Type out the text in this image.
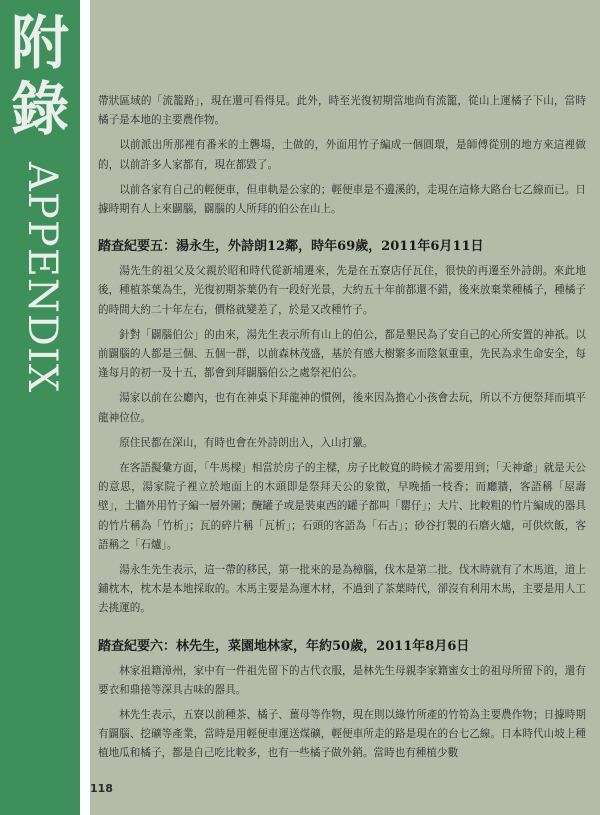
附
錄
APPENDIX

帶狀區域的「流籠路」，現在還可看得見。此外，時至光復初期當地尚有流籠，從山上運橘子下山，當時橘子是本地的主要農作物。

以前派出所那裡有番米的土礱場，土做的，外面用竹子編成一個圓環，是師傅從別的地方來這裡做的，以前許多人家都有，現在都毀了。

以前各家有自己的輕便車，但車軌是公家的；輕便車是不邊溪的，走現在這條大路台七乙線而已。日據時期有人上來闢腦，闢腦的人所拜的伯公在山上。

踏查紀要五：湯永生，外詩朗12鄰，時年69歲，2011年6月11日

湯先生的祖父及父親於昭和時代從新埔遷來，先是在五寮店仔瓦住，很快的再遷至外詩朗。來此地後，種植茶葉為生，光復初期茶葉仍有一段好光景，大約五十年前都還不錯，後來放棄業種橘子，種橘子的時間大約二十年左右，價格就變差了，於是又改種竹子。

針對「闢腦伯公」的由來，湯先生表示所有山上的伯公，都是墾民為了安自己的心所安置的神祇。以前闢腦的人都是三個、五個一群，以前森林茂盛，基於有感大樹繁多而陰氣重重，先民為求生命安全，每逢每月的初一及十五，都會到拜闢腦伯公之處祭祀伯公。

湯家以前在公廳內，也有在神桌下拜龍神的慣例，後來因為擔心小孩會去玩，所以不方便祭拜而填平龍神位位。

原住民都在深山，有時也會在外詩朗出入，入山打獵。

在客語擬彙方面，「牛馬樑」相當於房子的主樑，房子比較寬的時候才需要用到；「天神爺」就是天公的意思，湯家院子裡立於地面上的木頭即是祭拜天公的象徵，早晚插一枝香；而廳牆，客語稱「屋壽壁」，土牆外用竹子編一層外圍；醃罐子或是裝東西的罐子都叫「罌仔」；大片、比較粗的竹片編成的器具的竹片稱為「竹析」；瓦的碎片稱「瓦析」；石頭的客語為「石古」；砂谷打製的石磨火爐，可供炊飯，客語稱之「石爐」。

湯永生先生表示，這一帶的移民，第一批來的是為樟腦，伐木是第二批。伐木時就有了木馬道，道上鋪枕木，枕木是本地採取的。木馬主要是為運木材，不過到了茶葉時代，卻沒有利用木馬，主要是用人工去挑運的。

踏查紀要六：林先生，菜園地林家，年約50歲，2011年8月6日

林家祖籍漳州，家中有一件祖先留下的古代衣服，是林先生母親李家籍蜜女士的祖母所留下的，還有要衣和鼎捲等深具古味的器具。

林先生表示，五寮以前種茶、橘子、薑母等作物，現在則以綠竹所產的竹筍為主要農作物；日據時期有闢腦、挖礦等產業，當時是用輕便車運送煤礦，輕便車所走的路是現在的台七乙線。日本時代山坡上種植地瓜和橘子，都是自己吃比較多，也有一些橘子做外銷。當時也有種植少數

118
